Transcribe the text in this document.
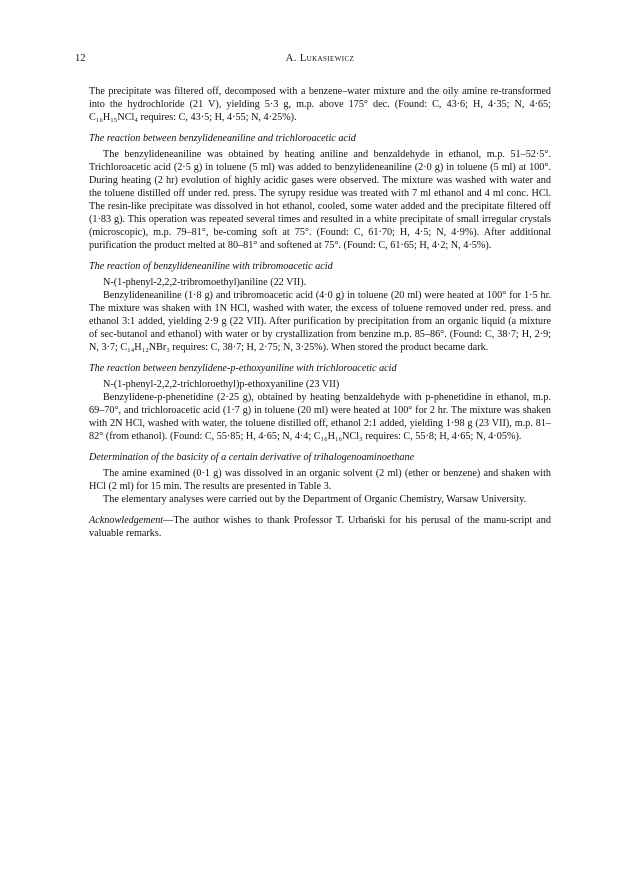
12	A. Lukasiewicz

The precipitate was filtered off, decomposed with a benzene–water mixture and the oily amine re-transformed into the hydrochloride (21 V), yielding 5·3 g, m.p. above 175° dec. (Found: C, 43·6; H, 4·35; N, 4·65; C₁₆H₁₅NCl₄ requires: C, 43·5; H, 4·55; N, 4·25%).

The reaction between benzylideneaniline and trichloroacetic acid

The benzylideneaniline was obtained by heating aniline and benzaldehyde in ethanol, m.p. 51–52·5°. Trichloroacetic acid (2·5 g) in toluene (5 ml) was added to benzylideneaniline (2·0 g) in toluene (5 ml) at 100°. During heating (2 hr) evolution of highly acidic gases were observed. The mixture was washed with water and the toluene distilled off under red. press. The syrupy residue was treated with 7 ml ethanol and 4 ml conc. HCl. The resin-like precipitate was dissolved in hot ethanol, cooled, some water added and the precipitate filtered off (1·83 g). This operation was repeated several times and resulted in a white precipitate of small irregular crystals (microscopic), m.p. 79–81°, be-coming soft at 75°. (Found: C, 61·70; H, 4·5; N, 4·9%). After additional purification the product melted at 80–81° and softened at 75°. (Found: C, 61·65; H, 4·2; N, 4·5%).

The reaction of benzylideneaniline with tribromoacetic acid

N-(1-phenyl-2,2,2-tribromoethyl)aniline (22 VII).

Benzylideneaniline (1·8 g) and tribromoacetic acid (4·0 g) in toluene (20 ml) were heated at 100° for 1·5 hr. The mixture was shaken with 1N HCl, washed with water, the excess of toluene removed under red. press. and ethanol 3:1 added, yielding 2·9 g (22 VII). After purification by precipitation from an organic liquid (a mixture of sec-butanol and ethanol) with water or by crystallization from benzine m.p. 85–86°. (Found: C, 38·7; H, 2·9; N, 3·7; C₁₄H₁₂NBr₃ requires: C, 38·7; H, 2·75; N, 3·25%). When stored the product became dark.

The reaction between benzylidene-p-ethoxyaniline with trichloroacetic acid

N-(1-phenyl-2,2,2-trichloroethyl)p-ethoxyaniline (23 VII)

Benzylidene-p-phenetidine (2·25 g), obtained by heating benzaldehyde with p-phenetidine in ethanol, m.p. 69–70°, and trichloroacetic acid (1·7 g) in toluene (20 ml) were heated at 100° for 2 hr. The mixture was shaken with 2N HCl, washed with water, the toluene distilled off, ethanol 2:1 added, yielding 1·98 g (23 VII), m.p. 81–82° (from ethanol). (Found: C, 55·85; H, 4·65; N, 4·4; C₁₆H₁₆NCl₃ requires: C, 55·8; H, 4·65; N, 4·05%).

Determination of the basicity of a certain derivative of trihalogenoaminoethane

The amine examined (0·1 g) was dissolved in an organic solvent (2 ml) (ether or benzene) and shaken with HCl (2 ml) for 15 min. The results are presented in Table 3.

The elementary analyses were carried out by the Department of Organic Chemistry, Warsaw University.

Acknowledgement—The author wishes to thank Professor T. Urbański for his perusal of the manu-script and valuable remarks.
